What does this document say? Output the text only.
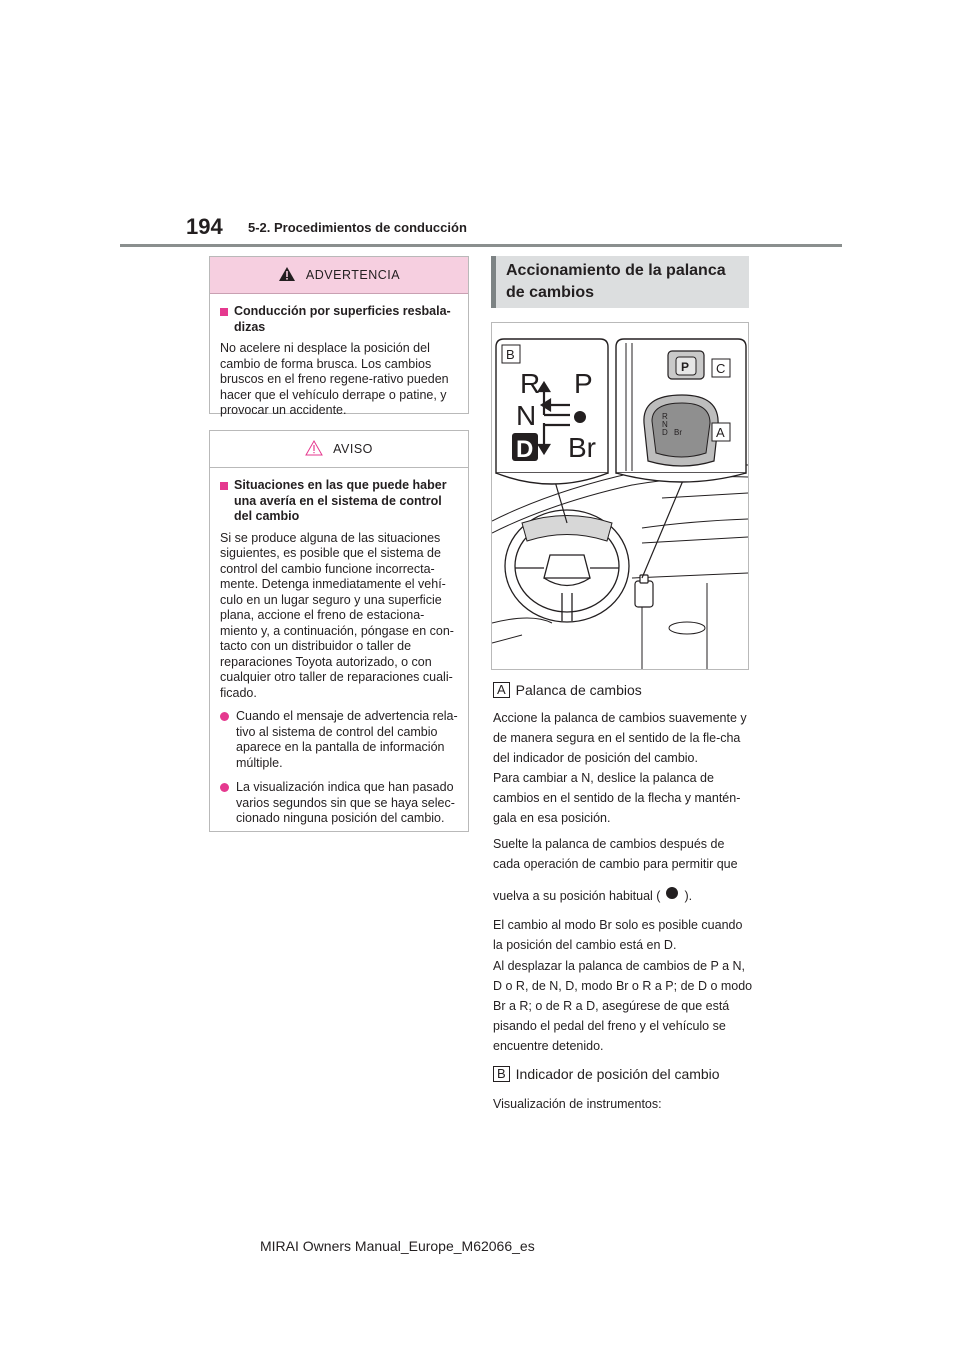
194 5-2. Procedimientos de conducción
ADVERTENCIA
Conducción por superficies resbala-dizas
No acelere ni desplace la posición del cambio de forma brusca. Los cambios bruscos en el freno regene-rativo pueden hacer que el vehículo derrape o patine, y provocar un accidente.
AVISO
Situaciones en las que puede haber una avería en el sistema de control del cambio
Si se produce alguna de las situaciones siguientes, es posible que el sistema de control del cambio funcione incorrecta-mente. Detenga inmediatamente el vehí-culo en un lugar seguro y una superficie plana, accione el freno de estaciona-miento y, a continuación, póngase en con-tacto con un distribuidor o taller de reparaciones Toyota autorizado, o con cualquier otro taller de reparaciones cuali-ficado.
Cuando el mensaje de advertencia rela-tivo al sistema de control del cambio aparece en la pantalla de información múltiple.
La visualización indica que han pasado varios segundos sin que se haya selec-cionado ninguna posición del cambio.
Accionamiento de la palanca de cambios
R P
N
D Br
P
R
N
D Br
B
C
A
A Palanca de cambios
Accione la palanca de cambios suavemente y de manera segura en el sentido de la fle-cha del indicador de posición del cambio.
Para cambiar a N, deslice la palanca de cambios en el sentido de la flecha y mantén-gala en esa posición.
Suelte la palanca de cambios después de cada operación de cambio para permitir que
vuelva a su posición habitual ( ).
El cambio al modo Br solo es posible cuando la posición del cambio está en D.
Al desplazar la palanca de cambios de P a N, D o R, de N, D, modo Br o R a P; de D o modo Br a R; o de R a D, asegúrese de que está pisando el pedal del freno y el vehículo se encuentre detenido.
B Indicador de posición del cambio
Visualización de instrumentos:
MIRAI Owners Manual_Europe_M62066_es
